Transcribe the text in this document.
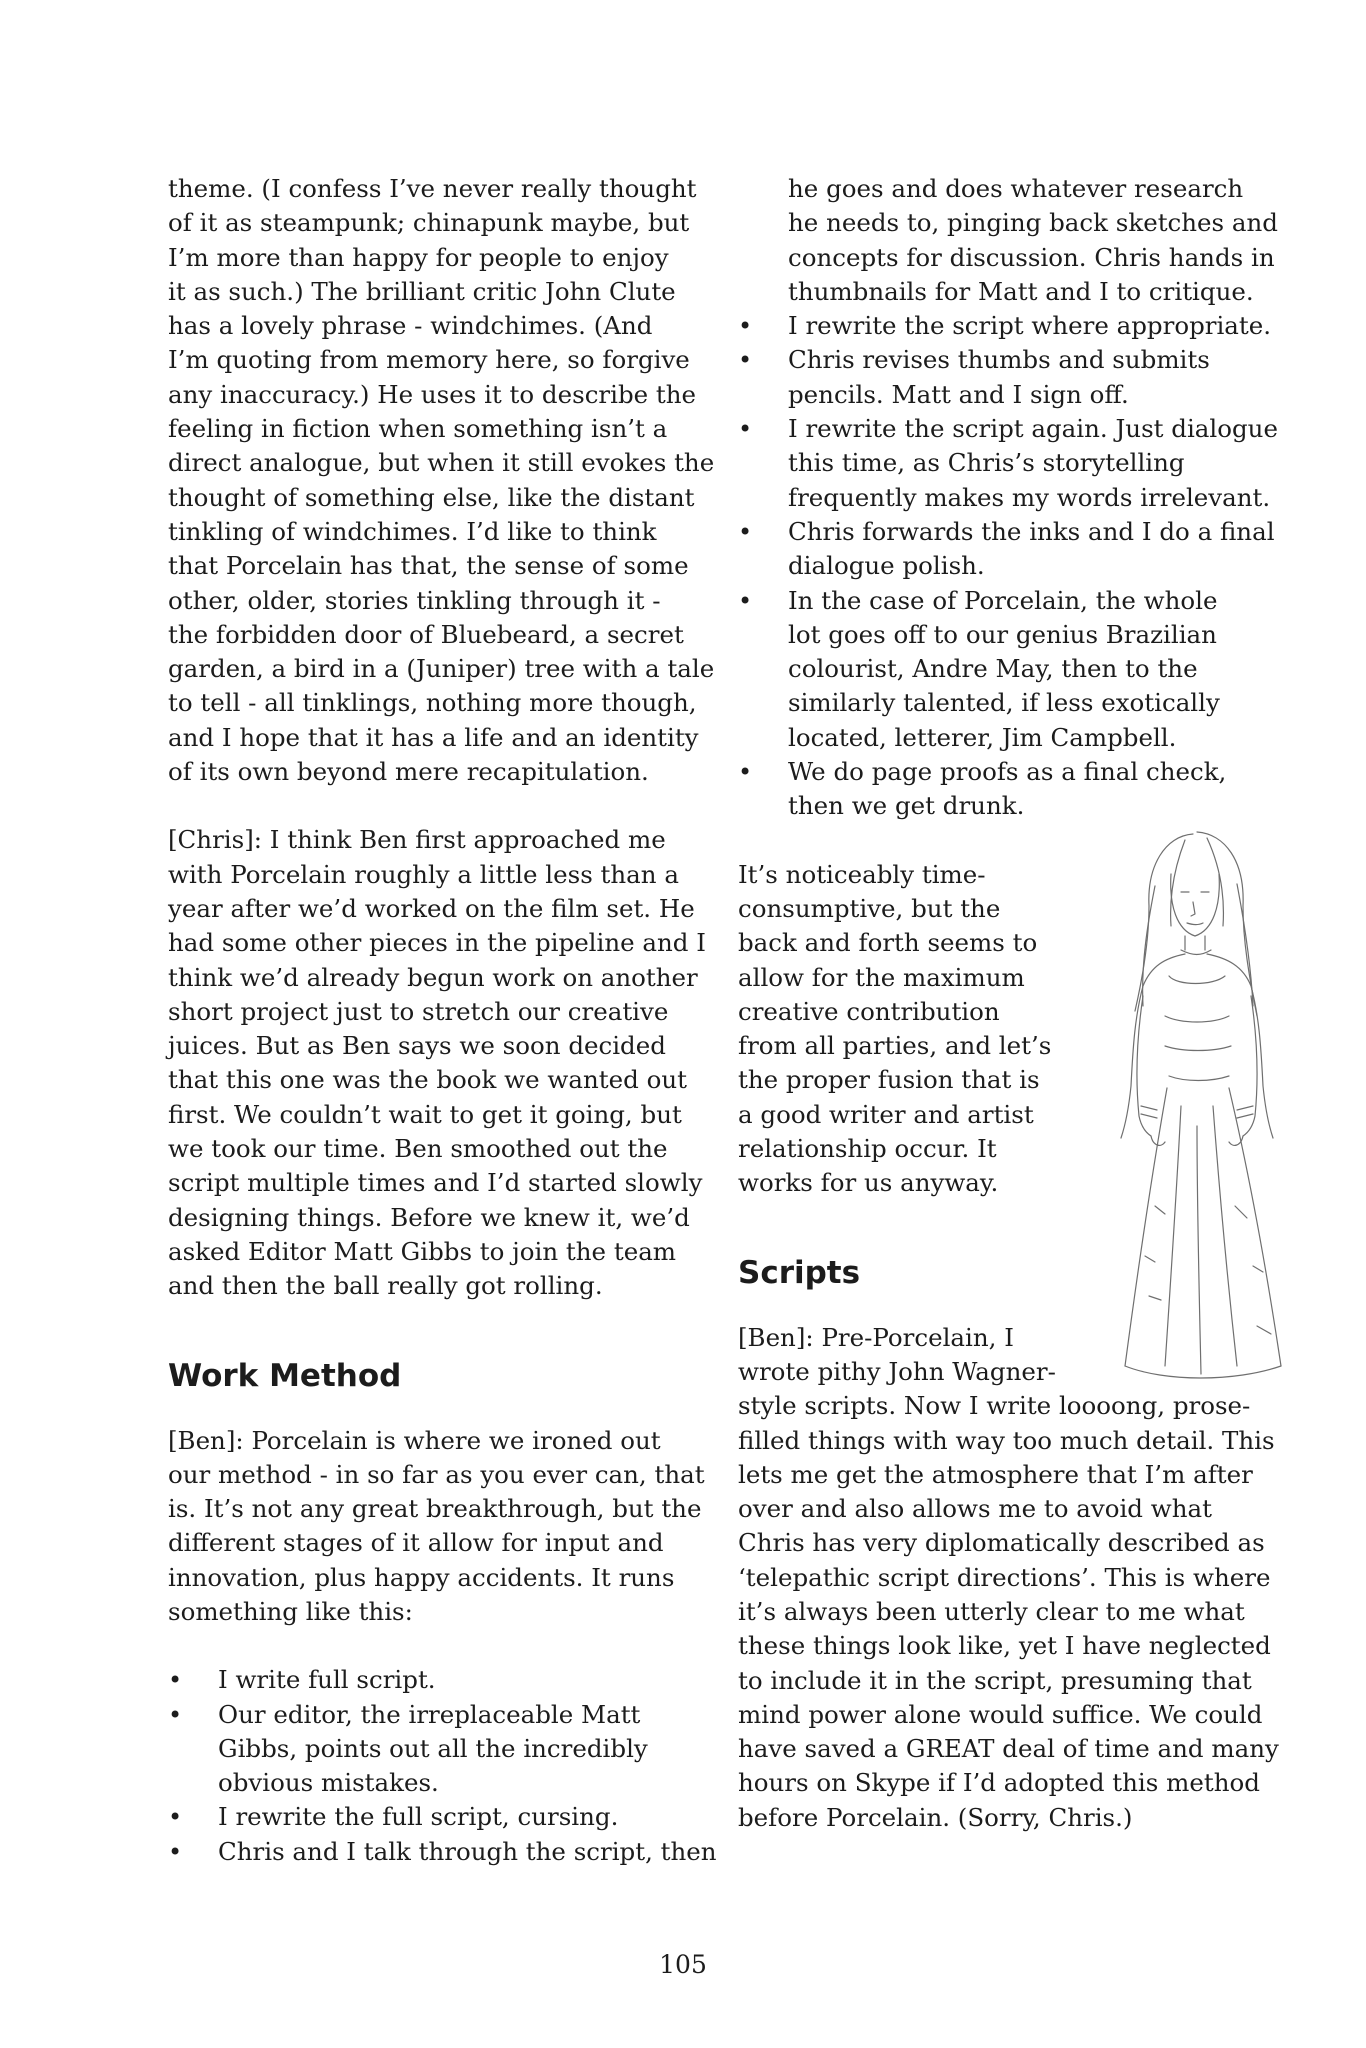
theme. (I confess I’ve never really thought
of it as steampunk; chinapunk maybe, but
I’m more than happy for people to enjoy
it as such.) The brilliant critic John Clute
has a lovely phrase - windchimes. (And
I’m quoting from memory here, so forgive
any inaccuracy.) He uses it to describe the
feeling in fiction when something isn’t a
direct analogue, but when it still evokes the
thought of something else, like the distant
tinkling of windchimes. I’d like to think
that Porcelain has that, the sense of some
other, older, stories tinkling through it -
the forbidden door of Bluebeard, a secret
garden, a bird in a (Juniper) tree with a tale
to tell - all tinklings, nothing more though,
and I hope that it has a life and an identity
of its own beyond mere recapitulation.

[Chris]: I think Ben first approached me
with Porcelain roughly a little less than a
year after we’d worked on the film set. He
had some other pieces in the pipeline and I
think we’d already begun work on another
short project just to stretch our creative
juices. But as Ben says we soon decided
that this one was the book we wanted out
first. We couldn’t wait to get it going, but
we took our time. Ben smoothed out the
script multiple times and I’d started slowly
designing things. Before we knew it, we’d
asked Editor Matt Gibbs to join the team
and then the ball really got rolling.

Work Method

[Ben]: Porcelain is where we ironed out
our method - in so far as you ever can, that
is. It’s not any great breakthrough, but the
different stages of it allow for input and
innovation, plus happy accidents. It runs
something like this:

• I write full script.
• Our editor, the irreplaceable Matt
Gibbs, points out all the incredibly
obvious mistakes.
• I rewrite the full script, cursing.
• Chris and I talk through the script, then

he goes and does whatever research
he needs to, pinging back sketches and
concepts for discussion. Chris hands in
thumbnails for Matt and I to critique.

• I rewrite the script where appropriate.
• Chris revises thumbs and submits
pencils. Matt and I sign off.
• I rewrite the script again. Just dialogue
this time, as Chris’s storytelling
frequently makes my words irrelevant.
• Chris forwards the inks and I do a final
dialogue polish.
• In the case of Porcelain, the whole
lot goes off to our genius Brazilian
colourist, Andre May, then to the
similarly talented, if less exotically
located, letterer, Jim Campbell.
• We do page proofs as a final check,
then we get drunk.

It’s noticeably time-
consumptive, but the
back and forth seems to
allow for the maximum
creative contribution
from all parties, and let’s
the proper fusion that is
a good writer and artist
relationship occur. It
works for us anyway.

Scripts

[Ben]: Pre-Porcelain, I
wrote pithy John Wagner-
style scripts. Now I write loooong, prose-
filled things with way too much detail. This
lets me get the atmosphere that I’m after
over and also allows me to avoid what
Chris has very diplomatically described as
‘telepathic script directions’. This is where
it’s always been utterly clear to me what
these things look like, yet I have neglected
to include it in the script, presuming that
mind power alone would suffice. We could
have saved a GREAT deal of time and many
hours on Skype if I’d adopted this method
before Porcelain. (Sorry, Chris.)

105
